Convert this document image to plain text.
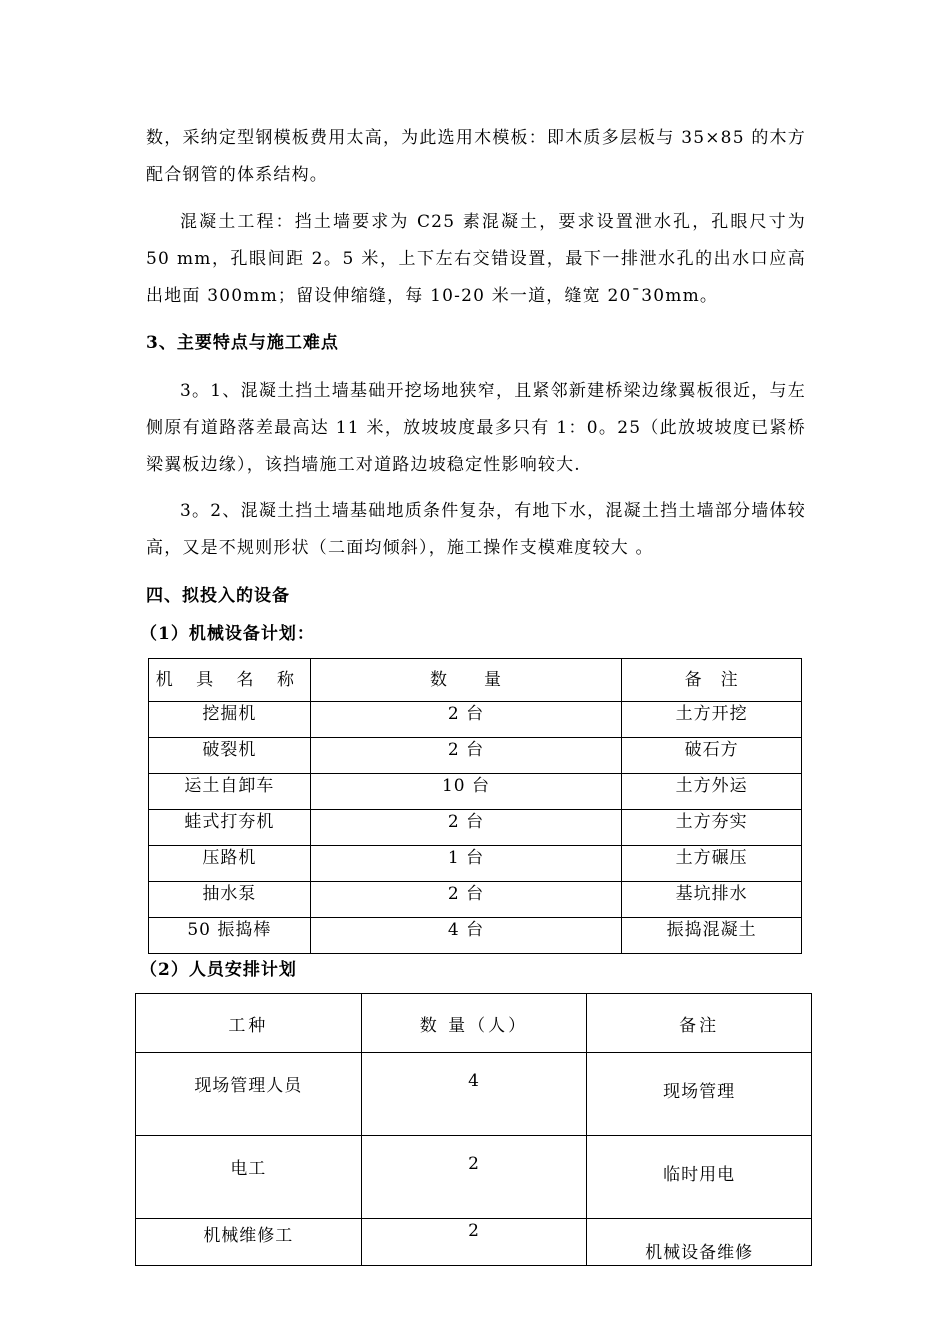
数，采纳定型钢模板费用太高，为此选用木模板：即木质多层板与 35×85 的木方配合钢管的体系结构。

混凝土工程：挡土墙要求为 C25 素混凝土，要求设置泄水孔，孔眼尺寸为 50 mm，孔眼间距 2。5 米，上下左右交错设置，最下一排泄水孔的出水口应高出地面 300mm；留设伸缩缝，每 10-20 米一道，缝宽 20¯30mm。

3、主要特点与施工难点

3。1、混凝土挡土墙基础开挖场地狭窄，且紧邻新建桥梁边缘翼板很近，与左侧原有道路落差最高达 11 米，放坡坡度最多只有 1：0。25（此放坡坡度已紧桥梁翼板边缘），该挡墙施工对道路边坡稳定性影响较大.

3。2、混凝土挡土墙基础地质条件复杂，有地下水，混凝土挡土墙部分墙体较高，又是不规则形状（二面均倾斜），施工操作支模难度较大 。

四、拟投入的设备

（1）机械设备计划：

机 具 名 称	数　　量	备　注
挖掘机	2 台	土方开挖
破裂机	2 台	破石方
运土自卸车	10 台	土方外运
蛙式打夯机	2 台	土方夯实
压路机	1 台	土方碾压
抽水泵	2 台	基坑排水
50 振捣棒	4 台	振捣混凝土

（2）人员安排计划

工种	数 量（人）	备注
现场管理人员	4	现场管理
电工	2	临时用电
机械维修工	2	机械设备维修
